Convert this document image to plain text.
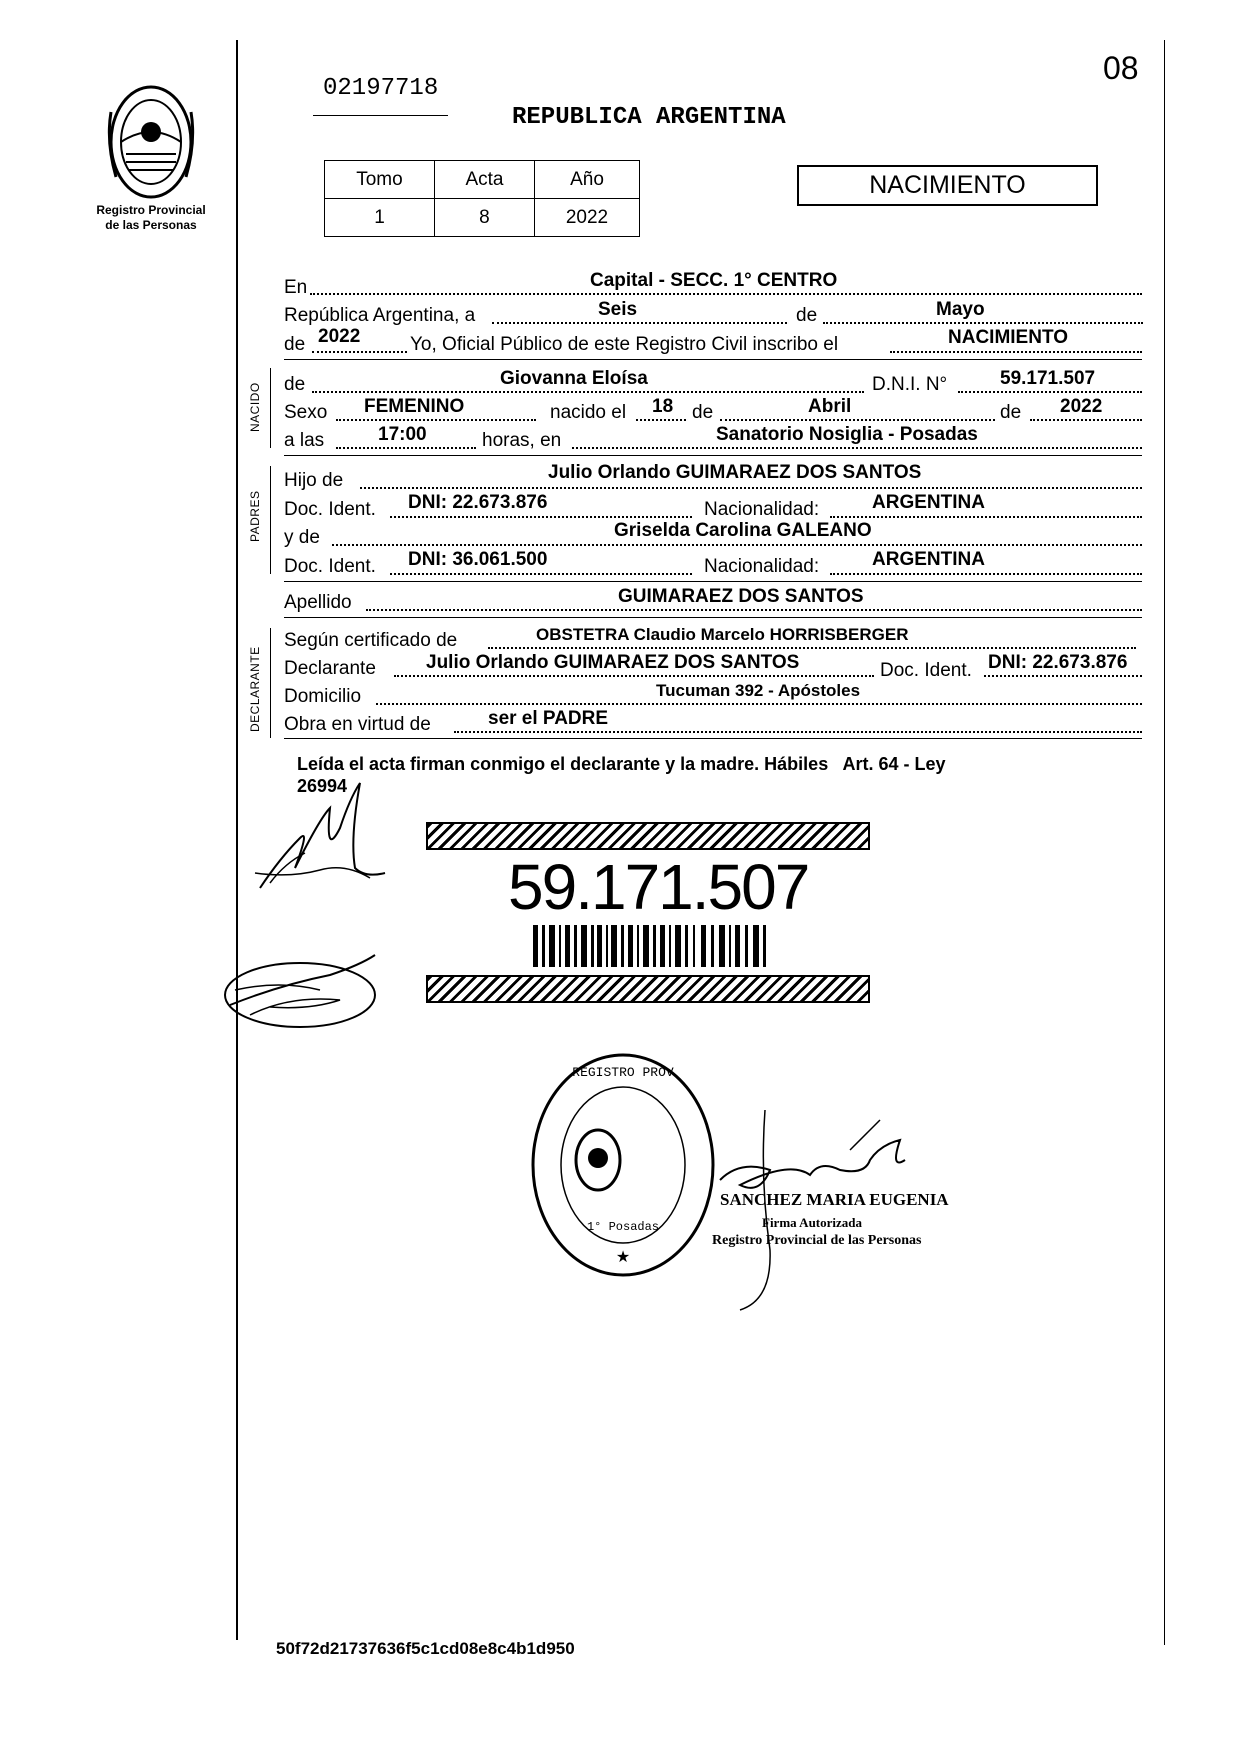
Registro Provincial
de las Personas
08
02197718
REPUBLICA ARGENTINA
Tomo	Acta	Año
1	8	2022
NACIMIENTO
En	Capital - SECC. 1° CENTRO
República Argentina, a	Seis	de	Mayo
de 2022	Yo, Oficial Público de este Registro Civil inscribo el	NACIMIENTO
NACIDO de	Giovanna Eloísa	D.N.I. N°	59.171.507
Sexo FEMENINO	nacido el 18 de	Abril	de 2022
a las	17:00	horas, en	Sanatorio Nosiglia - Posadas
PADRES
Hijo de	Julio Orlando GUIMARAEZ DOS SANTOS
Doc. Ident. DNI: 22.673.876	Nacionalidad:	ARGENTINA
y de	Griselda Carolina GALEANO
Doc. Ident. DNI: 36.061.500	Nacionalidad:	ARGENTINA
Apellido	GUIMARAEZ DOS SANTOS
DECLARANTE
Según certificado de	OBSTETRA Claudio Marcelo HORRISBERGER
Declarante	Julio Orlando GUIMARAEZ DOS SANTOS	Doc. Ident. DNI: 22.673.876
Domicilio	Tucuman 392 - Apóstoles
Obra en virtud de	ser el PADRE
Leída el acta firman conmigo el declarante y la madre. Hábiles   Art. 64 - Ley
26994
59.171.507
REGISTRO PROV
1° Posadas
★
SANCHEZ MARIA EUGENIA
Firma Autorizada
Registro Provincial de las Personas
50f72d21737636f5c1cd08e8c4b1d950
